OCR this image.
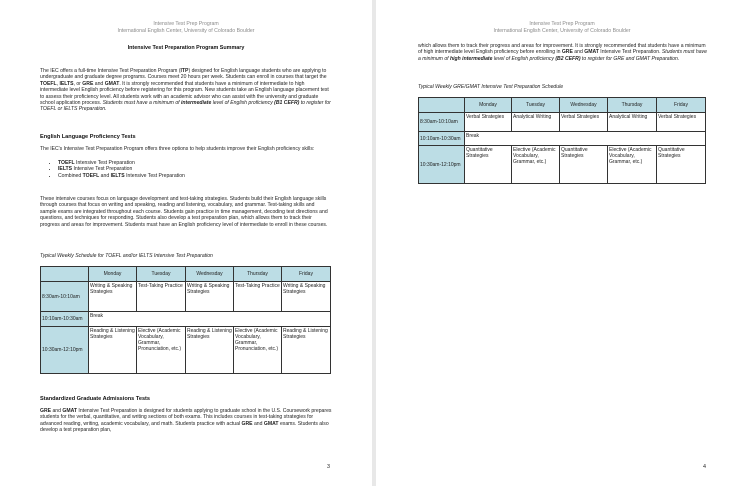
Intensive Test Prep Program
International English Center, University of Colorado Boulder
Intensive Test Preparation Program Summary

The IEC offers a full-time Intensive Test Preparation Program (ITP) designed for English language students who are applying to undergraduate and graduate degree programs. Courses meet 20 hours per week. Students can enroll in courses that target the TOEFL, IELTS, or GRE and GMAT. It is strongly recommended that students have a minimum of intermediate to high intermediate level English proficiency before registering for this program. New students take an English language placement test to assess their proficiency level. All students work with an academic advisor who can assist with the university and graduate school application process. Students must have a minimum of intermediate level of English proficiency (B1 CEFR) to register for TOEFL or IELTS Preparation.

English Language Proficiency Tests

The IEC's Intensive Test Preparation Program offers three options to help students improve their English proficiency skills:

• TOEFL Intensive Test Preparation
• IELTS Intensive Test Preparation
• Combined TOEFL and IELTS Intensive Test Preparation

These intensive courses focus on language development and test-taking strategies. Students build their English language skills through courses that focus on writing and speaking, reading and listening, vocabulary, and grammar. Test-taking skills and sample exams are integrated throughout each course. Students gain practice in time management, decoding test directions and questions, and techniques for responding. Students also develop a test preparation plan, which allows them to track their progress and areas for improvement. Students must have an English proficiency level of intermediate to enroll in these courses.

Typical Weekly Schedule for TOEFL and/or IELTS Intensive Test Preparation
	Monday	Tuesday	Wednesday	Thursday	Friday
8:30am-10:10am	Writing & Speaking Strategies	Test-Taking Practice	Writing & Speaking Strategies	Test-Taking Practice	Writing & Speaking Strategies
10:10am-10:30am	Break				
10:30am-12:10pm	Reading & Listening Strategies	Elective (Academic Vocabulary, Grammar, Pronunciation, etc.)	Reading & Listening Strategies	Elective (Academic Vocabulary, Grammar, Pronunciation, etc.)	Reading & Listening Strategies
Standardized Graduate Admissions Tests

GRE and GMAT Intensive Test Preparation is designed for students applying to graduate school in the U.S. Coursework prepares students for the verbal, quantitative, and writing sections of both exams. This includes courses in test-taking strategies for advanced reading, writing, academic vocabulary, and math. Students practice with actual GRE and GMAT exams. Students also develop a test preparation plan,

3
Intensive Test Prep Program
International English Center, University of Colorado Boulder

which allows them to track their progress and areas for improvement. It is strongly recommended that students have a minimum of high intermediate level English proficiency before enrolling in GRE and GMAT Intensive Test Preparation. Students must have a minimum of high intermediate level of English proficiency (B2 CEFR) to register for GRE and GMAT Preparation.

Typical Weekly GRE/GMAT Intensive Test Preparation Schedule
	Monday	Tuesday	Wednesday	Thursday	Friday
8:30am-10:10am	Verbal Strategies	Analytical Writing	Verbal Strategies	Analytical Writing	Verbal Strategies
10:10am-10:30am	Break				
10:30am-12:10pm	Quantitative Strategies	Elective (Academic Vocabulary, Grammar, etc.)	Quantitative Strategies	Elective (Academic Vocabulary, Grammar, etc.)	Quantitative Strategies
4
